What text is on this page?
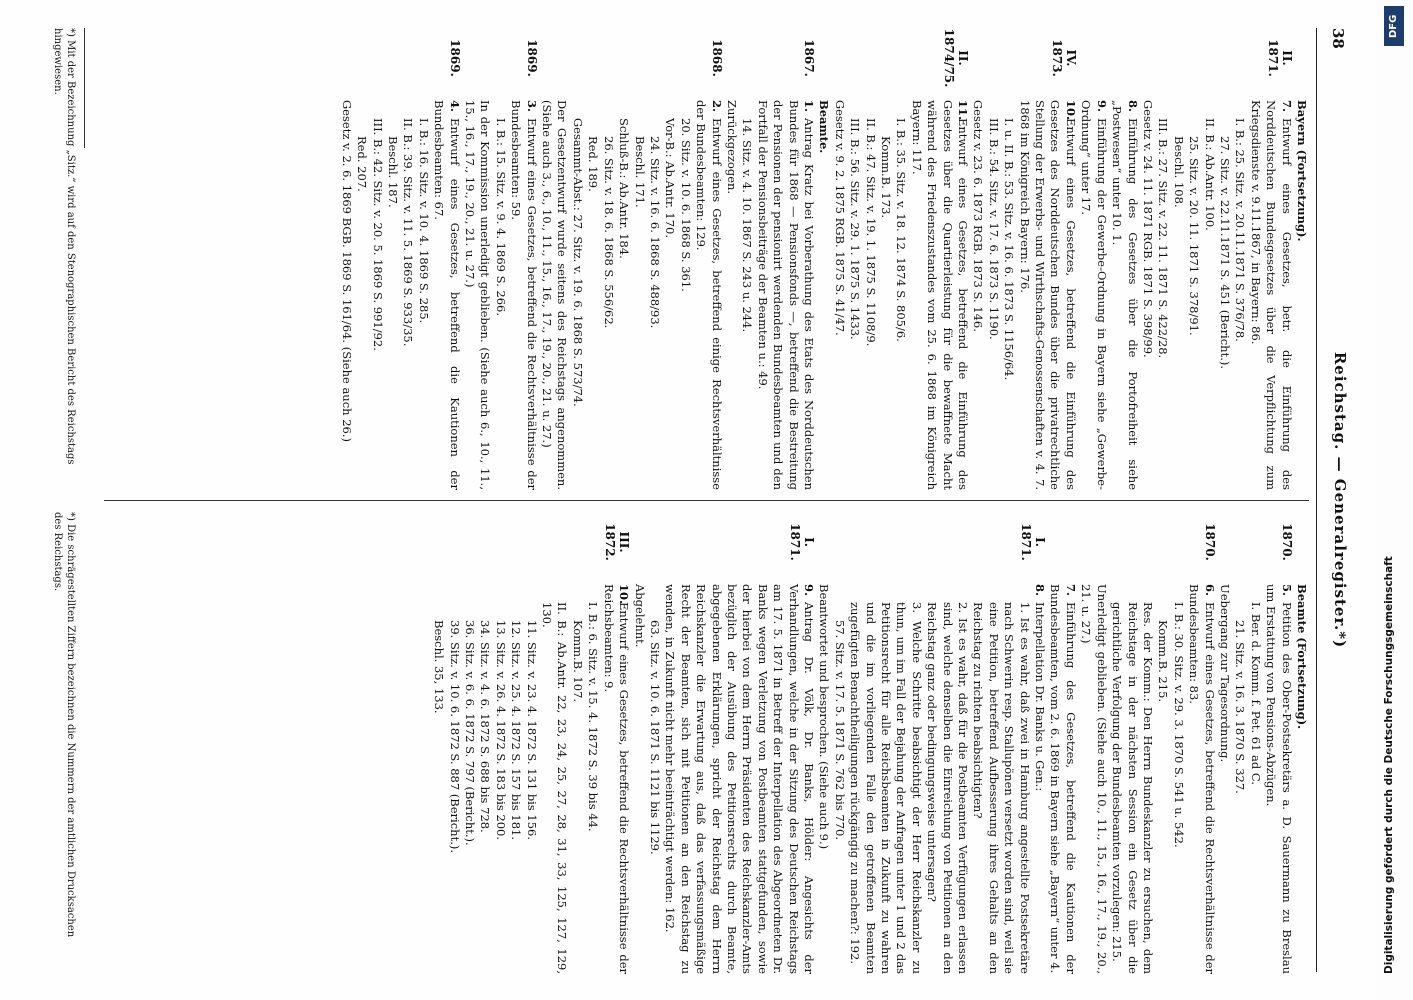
38
Reichstag. — Generalregister.*)
Bayern (Fortsetzung).
II.
1871.
7.Entwurf eines Gesetzes, betr. die Einführung des Norddeutschen Bundesgesetzes über die Verpflichtung zum Kriegsdienste v. 9.11.1867, in Bayern: 86.
I. B.: 25. Sitz. v. 20.11.1871 S. 376/78.
27. Sitz. v. 22.11.1871 S. 451 (Bericht.).
II. B.: Ab.Antr. 100.
25. Sitz. v. 20. 11. 1871 S. 378/91.
Beschl. 108.
III. B.: 27. Sitz. v. 22. 11. 1871 S. 422/28.
Gesetz v. 24. 11. 1871 RGB. 1871 S. 398/99.
8.Einführung des Gesetzes über die Portofreiheit siehe „Postwesen“ unter 10. 1.
9.Einführung der Gewerbe-Ordnung in Bayern siehe „Gewerbe-Ordnung“ unter 17.
IV.
1873.
10.Entwurf eines Gesetzes, betreffend die Einführung des Gesetzes des Norddeutschen Bundes über die privatrechtliche Stellung der Erwerbs- und Wirthschafts-Genossenschaften v. 4. 7. 1868 im Königreich Bayern: 176.
I. u. II. B.: 53. Sitz. v. 16. 6. 1873 S. 1156/64.
III. B.: 54. Sitz. v. 17. 6. 1873 S. 1190.
Gesetz v. 23. 6. 1873 RGB. 1873 S. 146.
II.
1874/75.
11.Entwurf eines Gesetzes, betreffend die Einführung des Gesetzes über die Quartierleistung für die bewaffnete Macht während des Friedenszustandes vom 25. 6. 1868 im Königreich Bayern: 117.
I. B.: 35. Sitz. v. 18. 12. 1874 S. 805/6.
Komm.B. 173.
II. B.: 47. Sitz. v. 19. 1. 1875 S. 1108/9.
III. B.: 56. Sitz. v. 29. 1. 1875 S. 1433.
Gesetz v. 9. 2. 1875 RGB. 1875 S. 41/47.
Beamte.
1867.
1.Antrag Kratz bei Vorberathung des Etats des Norddeutschen Bundes für 1868 — Pensionsfonds —, betreffend die Bestreitung der Pensionen der pensionirt werdenden Bundesbeamten und den Fortfall der Pensionsbeiträge der Beamten u.: 49.
14. Sitz. v. 4. 10. 1867 S. 243 u. 244.
Zurückgezogen.
1868.
2.Entwurf eines Gesetzes, betreffend einige Rechtsverhältnisse der Bundesbeamten: 129.
20. Sitz. v. 10. 6. 1868 S. 361.
Vor-B.: Ab.Antr. 170.
24. Sitz. v. 16. 6. 1868 S. 488/93.
Beschl. 171.
Schluß-B.: Ab.Antr. 184.
26. Sitz. v. 18. 6. 1868 S. 556/62.
Red. 189.
Gesammt-Abst.: 27. Sitz. v. 19. 6. 1868 S. 573/74.
Der Gesetzentwurf wurde seitens des Reichstags angenommen. (Siehe auch 3., 6., 10., 11., 15., 16., 17., 19., 20., 21. u. 27.)
1869.
3.Entwurf eines Gesetzes, betreffend die Rechtsverhältnisse der Bundesbeamten: 59.
I. B.: 15. Sitz. v. 9. 4. 1869 S. 266.
In der Kommission unerledigt geblieben. (Siehe auch 6., 10., 11., 15., 16., 17., 19., 20., 21. u. 27.)
1869.
4.Entwurf eines Gesetzes, betreffend die Kautionen der Bundesbeamten: 67.
I. B.: 16. Sitz. v. 10. 4. 1869 S. 285.
II. B.: 39. Sitz. v. 11. 5. 1869 S. 933/35.
Beschl. 187.
III. B.: 42. Sitz. v. 20. 5. 1869 S. 991/92.
Red. 207.
Gesetz v. 2. 6. 1869 BGB. 1869 S. 161/64. (Siehe auch 26.)
Beamte (Fortsetzung).
1870.
5.Petition des Ober-Postsekretärs a. D. Sauermann zu Breslau um Erstattung von Pensions-Abzügen.
I. Ber. d. Komm. f. Pet. 61 ad C.
21. Sitz. v. 16. 3. 1870 S. 327.
Uebergang zur Tagesordnung.
1870.
6.Entwurf eines Gesetzes, betreffend die Rechtsverhältnisse der Bundesbeamten: 83.
I. B.: 30. Sitz. v. 29. 3. 1870 S. 541 u. 542.
Komm.B. 215.
Res. der Komm.: Den Herrn Bundeskanzler zu ersuchen, dem Reichstage in der nächsten Session ein Gesetz über die gerichtliche Verfolgung der Bundesbeamten vorzulegen: 215.
Unerledigt geblieben. (Siehe auch 10., 11., 15., 16., 17., 19., 20., 21. u. 27.)
7.Einführung des Gesetzes, betreffend die Kautionen der Bundesbeamten, vom 2. 6. 1869 in Bayern siehe „Bayern“ unter 4.
I.
1871.
8.Interpellation Dr. Banks u. Gen.:
1. Ist es wahr, daß zwei in Hamburg angestellte Postsekretäre nach Schwerin resp. Stallupönen versetzt worden sind, weil sie eine Petition, betreffend Aufbesserung ihres Gehalts an den Reichstag zu richten beabsichtigten?
2. Ist es wahr, daß für die Postbeamten Verfügungen erlassen sind, welche denselben die Einreichung von Petitionen an den Reichstag ganz oder bedingungsweise untersagen?
3. Welche Schritte beabsichtigt der Herr Reichskanzler zu thun, um im Fall der Bejahung der Anfragen unter 1 und 2 das Petitionsrecht für alle Reichsbeamten in Zukunft zu wahren und die im vorliegenden Falle den getroffenen Beamten zugefügten Benachtheiligungen rückgängig zu machen?: 192.
57. Sitz. v. 17. 5. 1871 S. 762 bis 770.
Beantwortet und besprochen. (Siehe auch 9.)
I.
1871.
9.Antrag Dr. Völk, Dr. Banks, Hölder: Angesichts der Verhandlungen, welche in der Sitzung des Deutschen Reichstags am 17. 5. 1871 in Betreff der Interpellation des Abgeordneten Dr. Banks wegen Verletzung von Postbeamten stattgefunden, sowie der hierbei von dem Herrn Präsidenten des Reichskanzler-Amts bezüglich der Ausübung des Petitionsrechts durch Beamte, abgegebenen Erklärungen, spricht der Reichstag dem Herrn Reichskanzler die Erwartung aus, daß das verfassungsmäßige Recht der Beamten, sich mit Petitionen an den Reichstag zu wenden, in Zukunft nicht mehr beeinträchtigt werden: 162.
63. Sitz. v. 10. 6. 1871 S. 1121 bis 1129.
Abgelehnt.
III.
1872.
10.Entwurf eines Gesetzes, betreffend die Rechtsverhältnisse der Reichsbeamten: 9.
I. B.: 6. Sitz. v. 15. 4. 1872 S. 39 bis 44.
Komm.B. 107.
II. B.: Ab.Antr. 22, 23, 24, 25, 27, 28, 31, 33, 125, 127, 129, 130.
11. Sitz. v. 23. 4. 1872 S. 131 bis 156.
12. Sitz. v. 25. 4. 1872 S. 157 bis 181.
13. Sitz. v. 26. 4. 1872 S. 183 bis 200.
34. Sitz. v. 4. 6. 1872 S. 688 bis 728.
36. Sitz. v. 6. 6. 1872 S. 797 (Bericht.).
39. Sitz. v. 10. 6. 1872 S. 887 (Bericht.).
Beschl. 35, 133.
*) Mit der Bezeichnung „Sitz.“ wird auf den Stenographischen Bericht des Reichstags hingewiesen.
*) Die schrägestellten Ziffern bezeichnen die Nummern der amtlichen Drucksachen des Reichstags.
DFG
Digitalisierung gefördert durch die Deutsche Forschungsgemeinschaft
